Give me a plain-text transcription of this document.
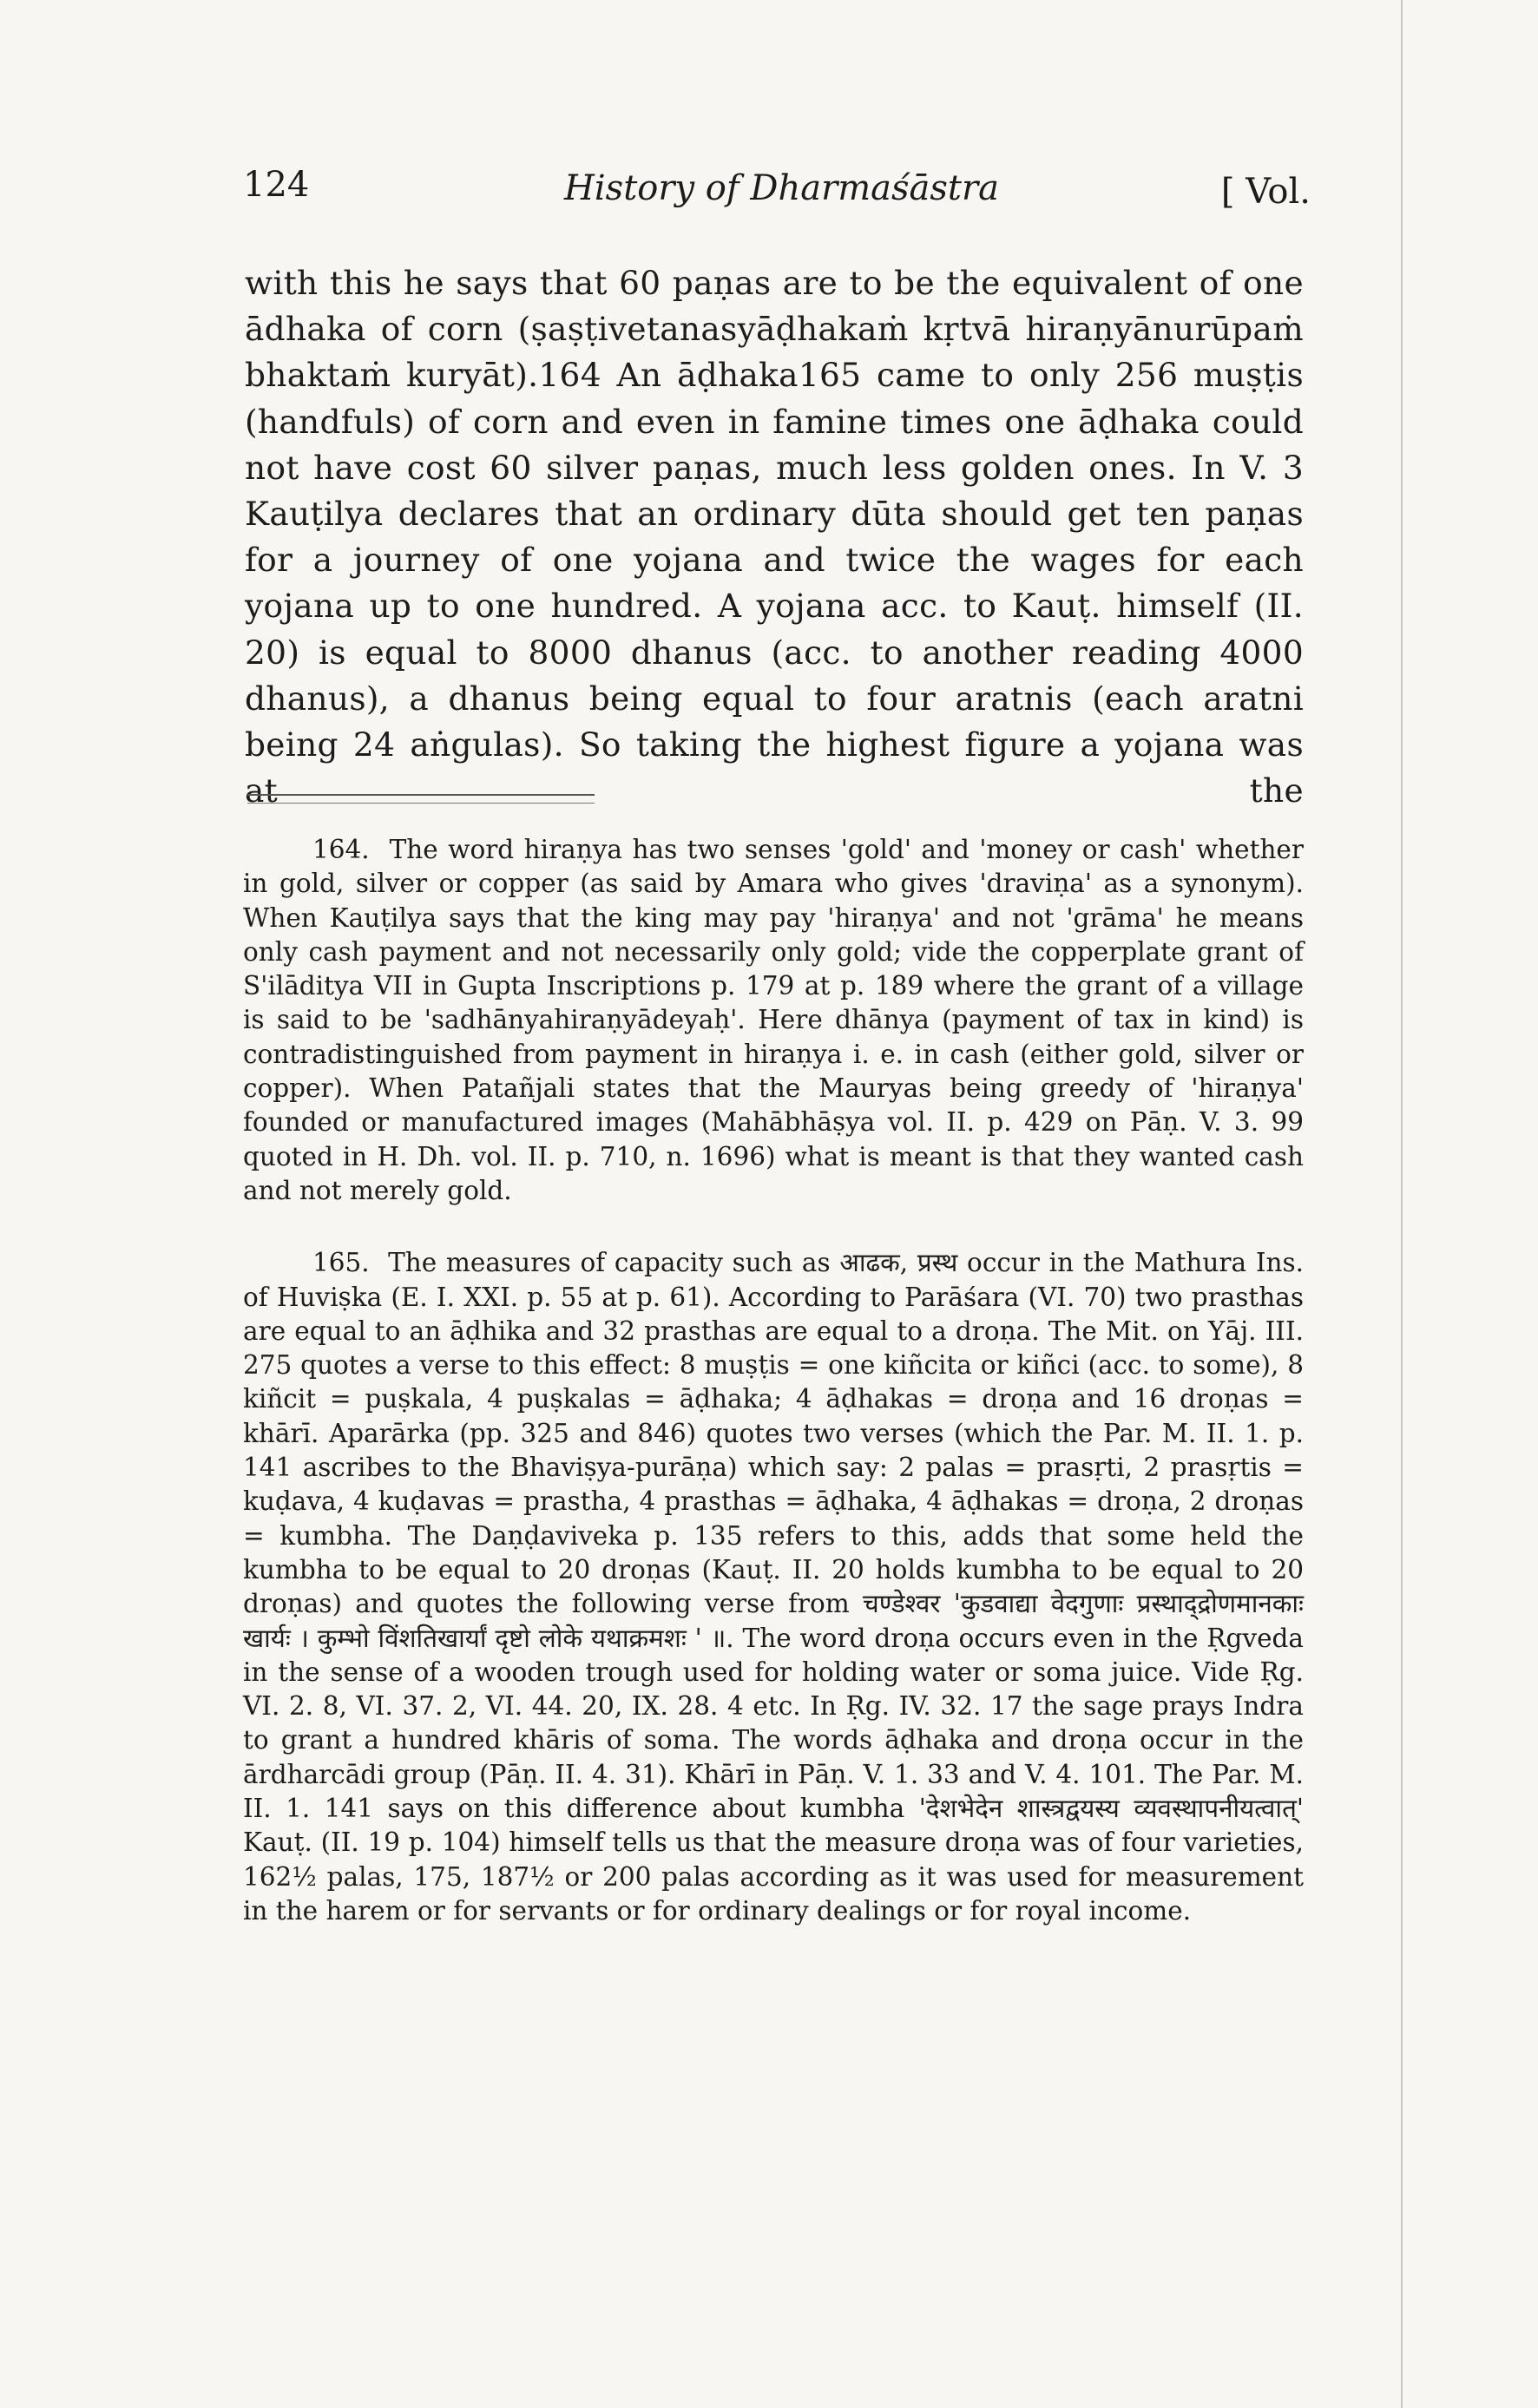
124	History of Dharmaśāstra	[ Vol.

with this he says that 60 paṇas are to be the equivalent of one ādhaka of corn (ṣaṣṭivetanasyāḍhakaṁ kṛtvā hiraṇyānurūpaṁ bhaktaṁ kuryāt).164 An āḍhaka165 came to only 256 muṣṭis (handfuls) of corn and even in famine times one āḍhaka could not have cost 60 silver paṇas, much less golden ones. In V. 3 Kauṭilya declares that an ordinary dūta should get ten paṇas for a journey of one yojana and twice the wages for each yojana up to one hundred. A yojana acc. to Kauṭ. himself (II. 20) is equal to 8000 dhanus (acc. to another reading 4000 dhanus), a dhanus being equal to four aratnis (each aratni being 24 aṅgulas). So taking the highest figure a yojana was at the

164. The word hiraṇya has two senses 'gold' and 'money or cash' whether in gold, silver or copper (as said by Amara who gives 'draviṇa' as a synonym). When Kauṭilya says that the king may pay 'hiraṇya' and not 'grāma' he means only cash payment and not necessarily only gold; vide the copperplate grant of S'ilāditya VII in Gupta Inscriptions p. 179 at p. 189 where the grant of a village is said to be 'sadhānyahiraṇyādeyaḥ'. Here dhānya (payment of tax in kind) is contradistinguished from payment in hiraṇya i. e. in cash (either gold, silver or copper). When Patañjali states that the Mauryas being greedy of 'hiraṇya' founded or manufactured images (Mahābhāṣya vol. II. p. 429 on Pāṇ. V. 3. 99 quoted in H. Dh. vol. II. p. 710, n. 1696) what is meant is that they wanted cash and not merely gold.

165. The measures of capacity such as आढक, प्रस्थ occur in the Mathura Ins. of Huviṣka (E. I. XXI. p. 55 at p. 61). According to Parāśara (VI. 70) two prasthas are equal to an āḍhika and 32 prasthas are equal to a droṇa. The Mit. on Yāj. III. 275 quotes a verse to this effect: 8 muṣṭis = one kiñcita or kiñci (acc. to some), 8 kiñcit = puṣkala, 4 puṣkalas = āḍhaka; 4 āḍhakas = droṇa and 16 droṇas = khārī. Aparārka (pp. 325 and 846) quotes two verses (which the Par. M. II. 1. p. 141 ascribes to the Bhaviṣya-purāṇa) which say: 2 palas = prasṛti, 2 prasṛtis = kuḍava, 4 kuḍavas = prastha, 4 prasthas = āḍhaka, 4 āḍhakas = droṇa, 2 droṇas = kumbha. The Daṇḍaviveka p. 135 refers to this, adds that some held the kumbha to be equal to 20 droṇas (Kauṭ. II. 20 holds kumbha to be equal to 20 droṇas) and quotes the following verse from चण्डेश्वर 'कुडवाद्या वेदगुणाः प्रस्थाद्द्रोणमानकाः खार्यः । कुम्भो विंशतिखार्यां दृष्टो लोके यथाक्रमशः ' ॥. The word droṇa occurs even in the Ṛgveda in the sense of a wooden trough used for holding water or soma juice. Vide Ṛg. VI. 2. 8, VI. 37. 2, VI. 44. 20, IX. 28. 4 etc. In Ṛg. IV. 32. 17 the sage prays Indra to grant a hundred khāris of soma. The words āḍhaka and droṇa occur in the ārdharcādi group (Pāṇ. II. 4. 31). Khārī in Pāṇ. V. 1. 33 and V. 4. 101. The Par. M. II. 1. 141 says on this difference about kumbha 'देशभेदेन शास्त्रद्वयस्य व्यवस्थापनीयत्वात्' Kauṭ. (II. 19 p. 104) himself tells us that the measure droṇa was of four varieties, 162½ palas, 175, 187½ or 200 palas according as it was used for measurement in the harem or for servants or for ordinary dealings or for royal income.
